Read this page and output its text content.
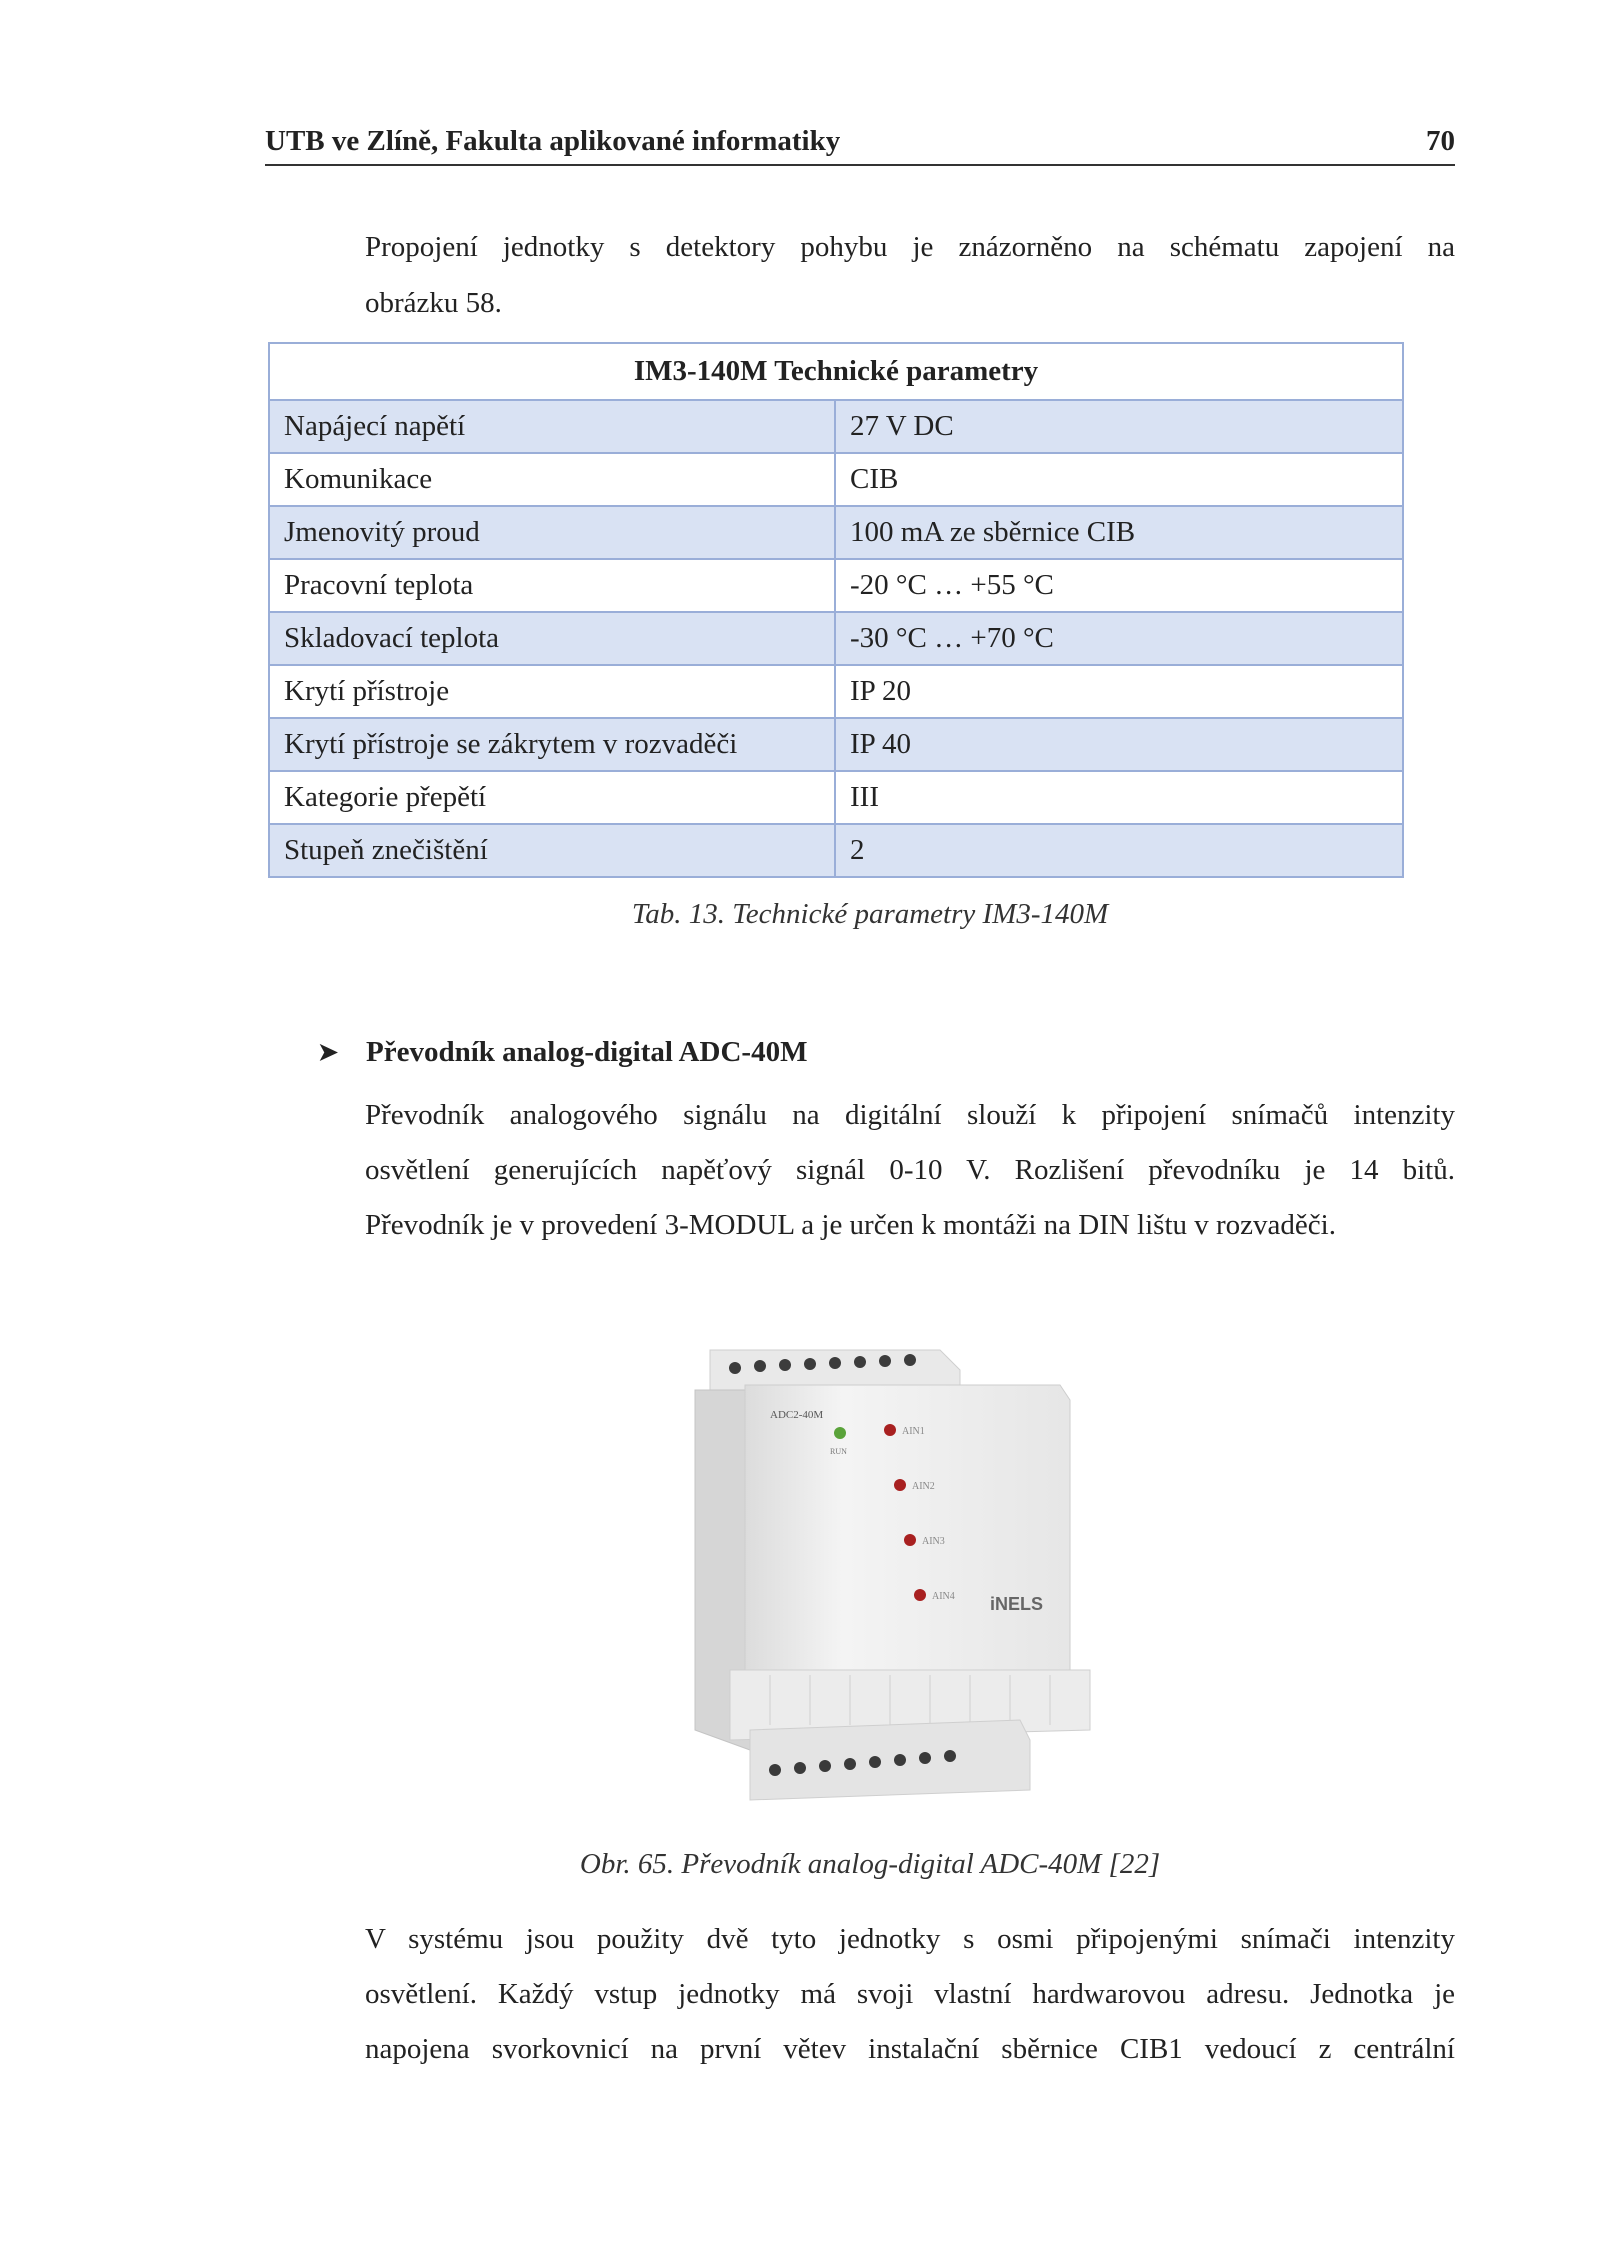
UTB ve Zlíně, Fakulta aplikované informatiky	70
Propojení jednotky s detektory pohybu je znázorněno na schématu zapojení na
obrázku 58.
IM3-140M Technické parametry	
Napájecí napětí	27 V DC
Komunikace	CIB
Jmenovitý proud	100 mA ze sběrnice CIB
Pracovní teplota	-20 °C … +55 °C
Skladovací teplota	-30 °C … +70 °C
Krytí přístroje	IP 20
Krytí přístroje se zákrytem v rozvaděči	IP 40
Kategorie přepětí	III
Stupeň znečištění	2
Tab. 13. Technické parametry IM3-140M
➤ Převodník analog-digital ADC-40M
Převodník analogového signálu na digitální slouží k připojení snímačů intenzity
osvětlení generujících napěťový signál 0-10 V. Rozlišení převodníku je 14 bitů.
Převodník je v provedení 3-MODUL a je určen k montáži na DIN lištu v rozvaděči.
ADC2-40M
RUN
AIN1
AIN2
AIN3
AIN4 iNELS
Obr. 65. Převodník analog-digital ADC-40M [22]
V systému jsou použity dvě tyto jednotky s osmi připojenými snímači intenzity
osvětlení. Každý vstup jednotky má svoji vlastní hardwarovou adresu. Jednotka je
napojena svorkovnicí na první větev instalační sběrnice CIB1 vedoucí z centrální
